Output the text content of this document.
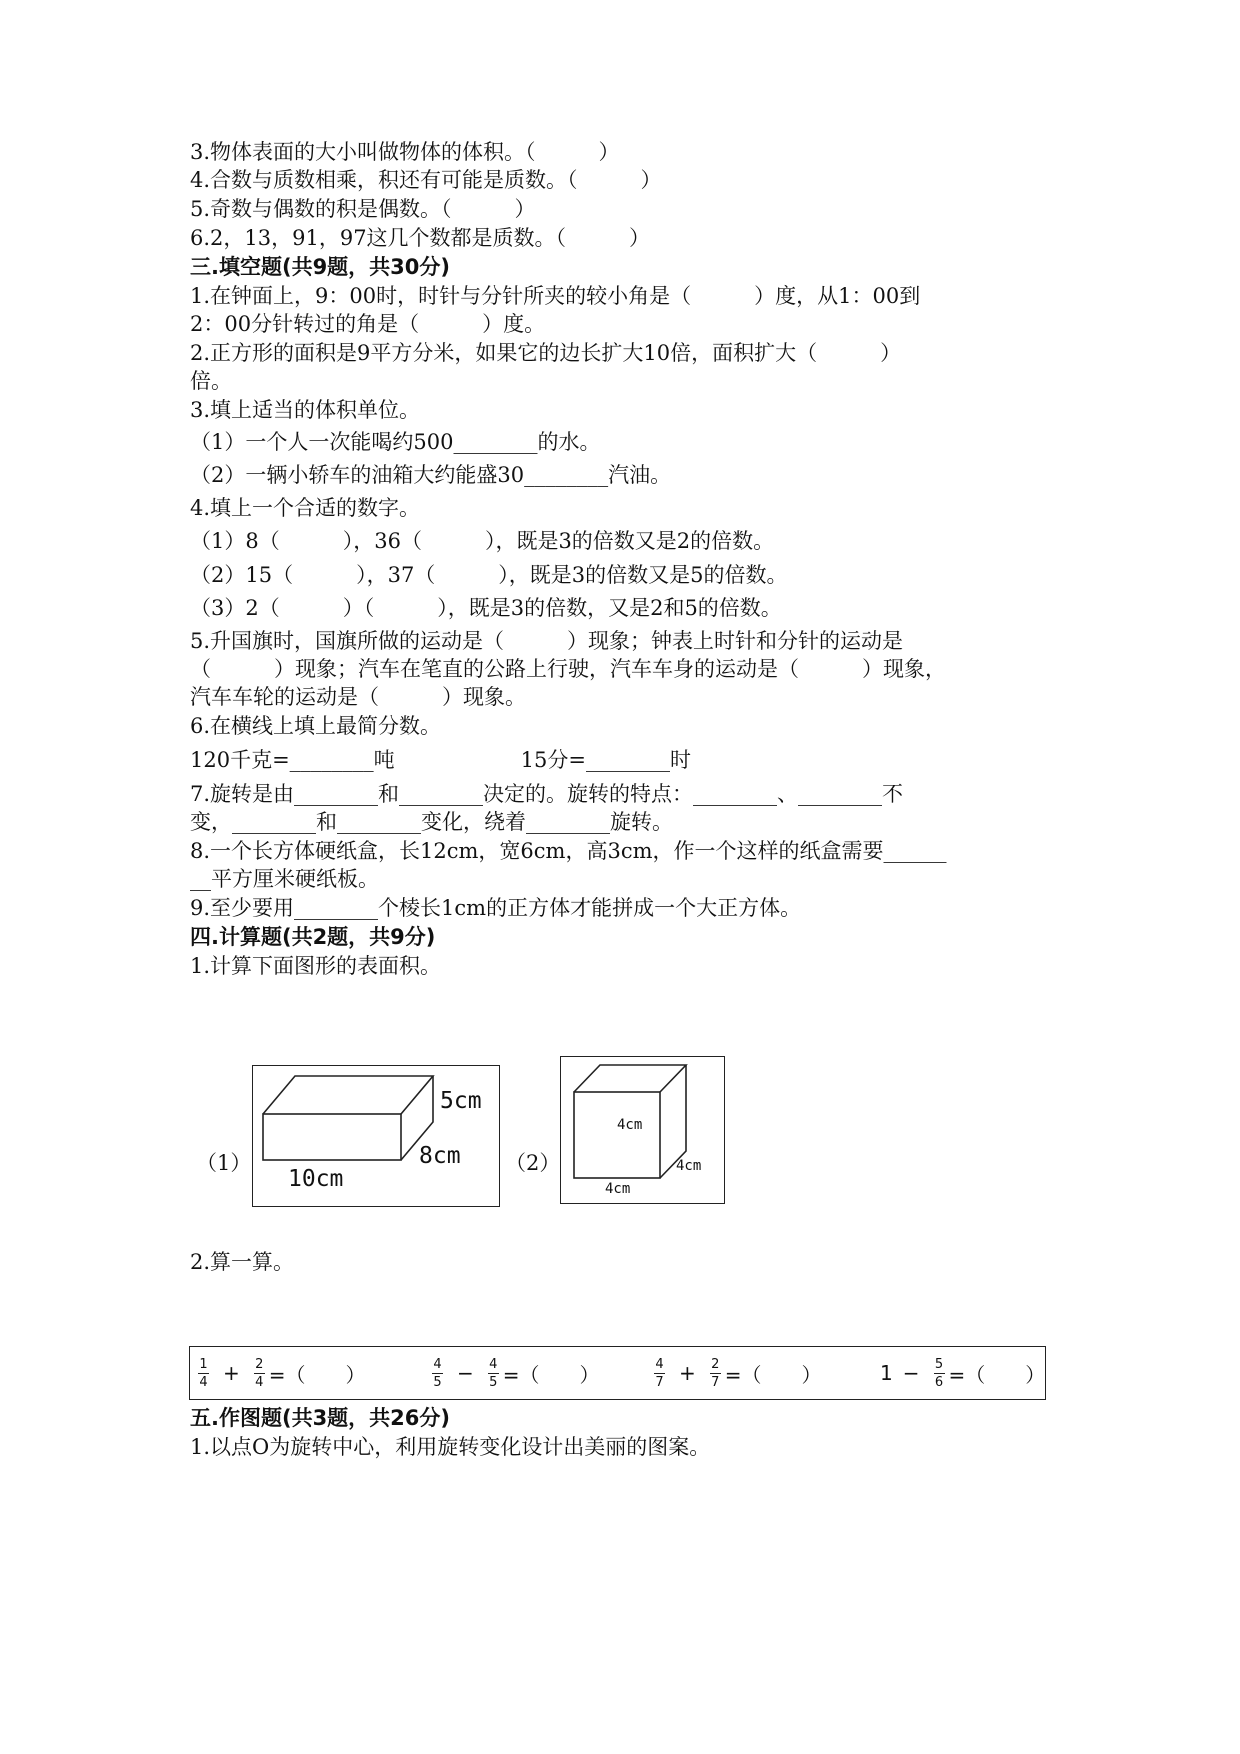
3.物体表面的大小叫做物体的体积。（　　　）
4.合数与质数相乘，积还有可能是质数。（　　　）
5.奇数与偶数的积是偶数。（　　　）
6.2，13，91，97这几个数都是质数。（　　　）
三.填空题(共9题，共30分)
1.在钟面上，9：00时，时针与分针所夹的较小角是（　　　）度，从1：00到
2：00分针转过的角是（　　　）度。
2.正方形的面积是9平方分米，如果它的边长扩大10倍，面积扩大（　　　）
倍。
3.填上适当的体积单位。
（1）一个人一次能喝约500________的水。
（2）一辆小轿车的油箱大约能盛30________汽油。
4.填上一个合适的数字。
（1）8（　　　），36（　　　），既是3的倍数又是2的倍数。
（2）15（　　　），37（　　　），既是3的倍数又是5的倍数。
（3）2（　　　）（　　　），既是3的倍数，又是2和5的倍数。
5.升国旗时，国旗所做的运动是（　　　）现象；钟表上时针和分针的运动是
（　　　）现象；汽车在笔直的公路上行驶，汽车车身的运动是（　　　）现象，
汽车车轮的运动是（　　　）现象。
6.在横线上填上最简分数。
120千克=________吨　　　　　　15分=________时
7.旋转是由________和________决定的。旋转的特点：________、________不
变，________和________变化，绕着________旋转。
8.一个长方体硬纸盒，长12cm，宽6cm，高3cm，作一个这样的纸盒需要______
__平方厘米硬纸板。
9.至少要用________个棱长1cm的正方体才能拼成一个大正方体。
四.计算题(共2题，共9分)
1.计算下面图形的表面积。
2.算一算。
五.作图题(共3题，共26分)
1.以点O为旋转中心，利用旋转变化设计出美丽的图案。
（1）
5cm
8cm
10cm
（2）
4cm
4cm
4cm
$\frac{1}{4} + \frac{2}{4}$ =（　　）	$\frac{4}{5} - \frac{4}{5}$ =（　　）	$\frac{4}{7} + \frac{2}{7}$ =（　　）	$1 - \frac{5}{6}$ =（　　）
